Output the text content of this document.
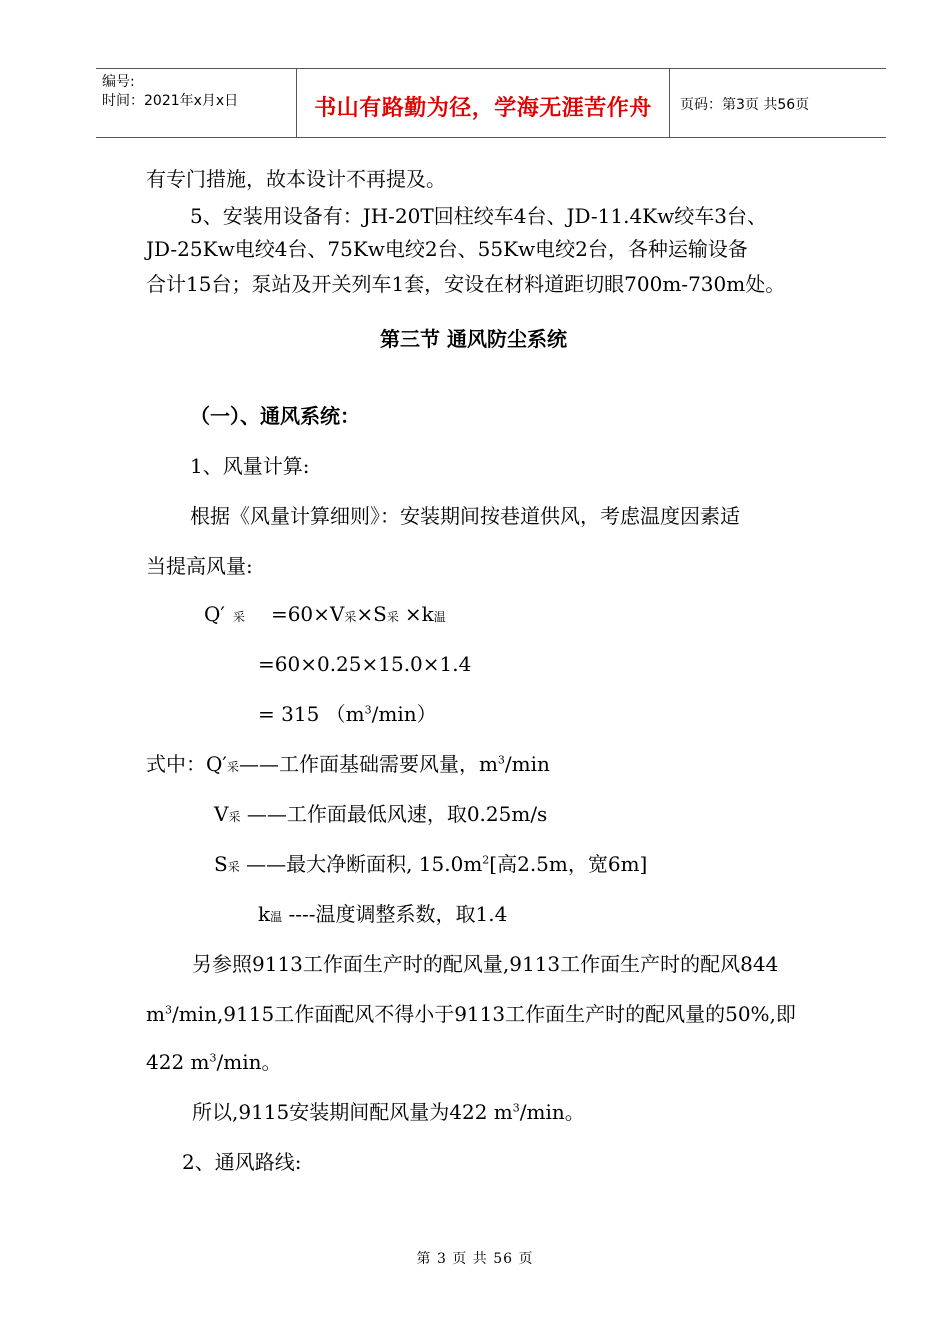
编号:
时间：2021年x月x日	书山有路勤为径，学海无涯苦作舟	页码：第3页 共56页
有专门措施，故本设计不再提及。
5、安装用设备有：JH-20T回柱绞车4台、JD-11.4Kw绞车3台、
JD-25Kw电绞4台、75Kw电绞2台、55Kw电绞2台，各种运输设备
合计15台；泵站及开关列车1套，安设在材料道距切眼700m-730m处。
第三节 通风防尘系统
（一）、通风系统：
1、风量计算:
根据《风量计算细则》：安装期间按巷道供风，考虑温度因素适
当提高风量:
Q′ 采 =60×V采×S采 ×k温
=60×0.25×15.0×1.4
= 315 $(m^3/\min)$
式中：Q′采——工作面基础需要风量，$m^3/\min$
V采 ——工作面最低风速，取0.25m/s
S采 ——最大净断面积, $15.0m^2$[高2.5m，宽6m]
k温 ----温度调整系数，取1.4
另参照9113工作面生产时的配风量,9113工作面生产时的配风844
$m^3/\min,9115$工作面配风不得小于9113工作面生产时的配风量的50%,即
422 $m^3/\min$。
所以,9115安装期间配风量为422 $m^3/\min$。
2、通风路线:
第 3 页 共 56 页
